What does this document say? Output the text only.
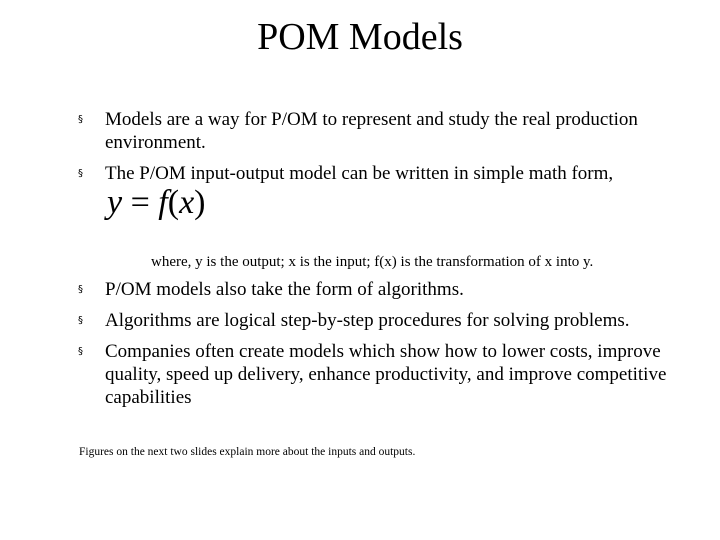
POM Models
§ Models are a way for P/OM to represent and study the real production environment.
§ The P/OM input-output model can be written in simple math form,
y = f(x)
where, y is the output; x is the input; f(x) is the transformation of x into y.
§ P/OM models also take the form of algorithms.
§ Algorithms are logical step-by-step procedures for solving problems.
§ Companies often create models which show how to lower costs, improve quality, speed up delivery, enhance productivity, and improve competitive capabilities
Figures on the next two slides explain more about the inputs and outputs.
